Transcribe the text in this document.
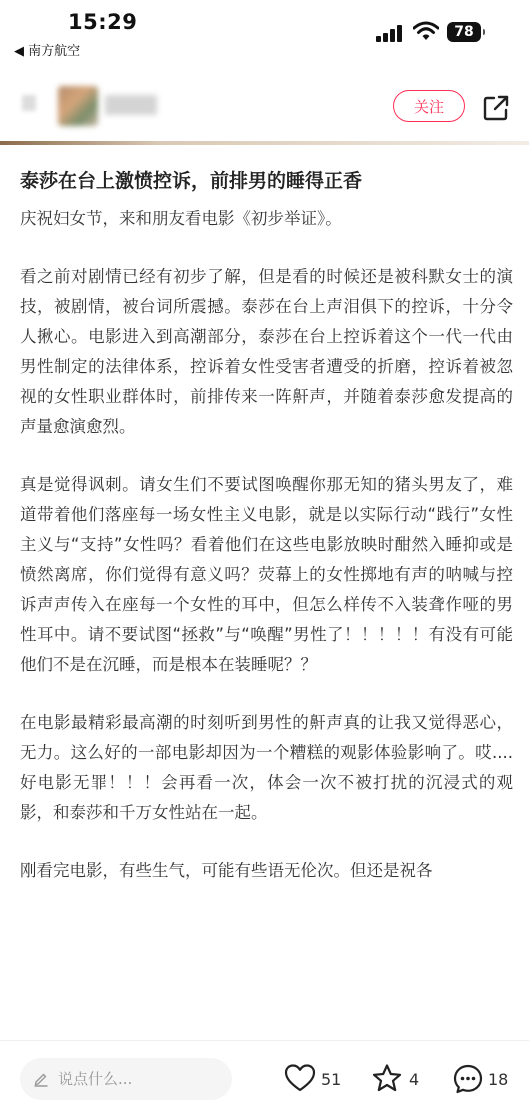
15:29
◀ 南方航空
78
关注
泰莎在台上激愤控诉，前排男的睡得正香

庆祝妇女节，来和朋友看电影《初步举证》。

看之前对剧情已经有初步了解，但是看的时候还是被科默女士的演技，被剧情，被台词所震撼。泰莎在台上声泪俱下的控诉，十分令人揪心。电影进入到高潮部分，泰莎在台上控诉着这个一代一代由男性制定的法律体系，控诉着女性受害者遭受的折磨，控诉着被忽视的女性职业群体时，前排传来一阵鼾声，并随着泰莎愈发提高的声量愈演愈烈。

真是觉得讽刺。请女生们不要试图唤醒你那无知的猪头男友了，难道带着他们落座每一场女性主义电影，就是以实际行动“践行”女性主义与“支持”女性吗？看着他们在这些电影放映时酣然入睡抑或是愤然离席，你们觉得有意义吗？荧幕上的女性掷地有声的呐喊与控诉声声传入在座每一个女性的耳中，但怎么样传不入装聋作哑的男性耳中。请不要试图“拯救”与“唤醒”男性了！！！！！有没有可能他们不是在沉睡，而是根本在装睡呢？？

在电影最精彩最高潮的时刻听到男性的鼾声真的让我又觉得恶心，无力。这么好的一部电影却因为一个糟糕的观影体验影响了。哎....好电影无罪！！！会再看一次，体会一次不被打扰的沉浸式的观影，和泰莎和千万女性站在一起。

刚看完电影，有些生气，可能有些语无伦次。但还是祝各

说点什么...	51	4	18
